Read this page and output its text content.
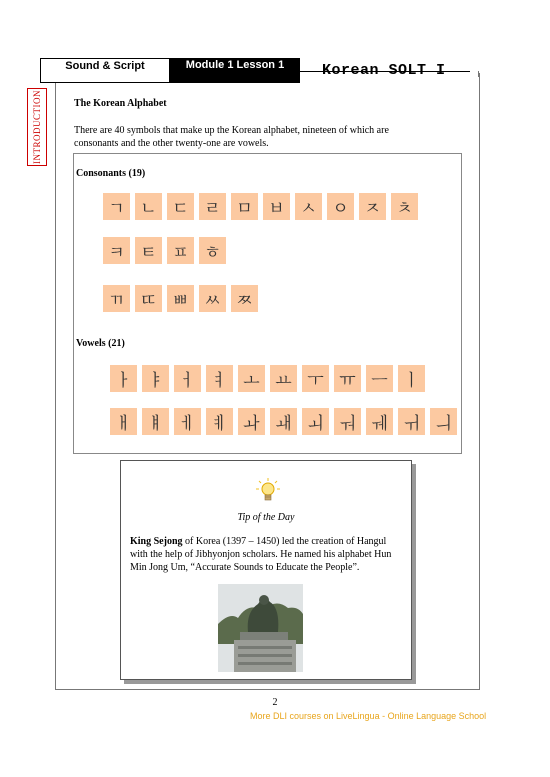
Sound & Script	Module 1 Lesson 1	Korean SOLT I
INTRODUCTION	The Korean Alphabet
There are 40 symbols that make up the Korean alphabet, nineteen of which are consonants and the other twenty-one are vowels.
Consonants (19)
ㄱ ㄴ ㄷ ㄹ ㅁ ㅂ ㅅ ㅇ ㅈ ㅊ
ㅋ ㅌ ㅍ ㅎ
ㄲ ㄸ ㅃ ㅆ ㅉ
Vowels (21)
ㅏ ㅑ ㅓ ㅕ ㅗ ㅛ ㅜ ㅠ ㅡ ㅣ
ㅐ ㅒ ㅔ ㅖ ㅘ ㅙ ㅚ ㅝ ㅞ ㅟ ㅢ
Tip of the Day
King Sejong of Korea (1397 – 1450) led the creation of Hangul with the help of Jibhyonjon scholars. He named his alphabet Hun Min Jong Um, “Accurate Sounds to Educate the People”.
2
More DLI courses on LiveLingua - Online Language School
